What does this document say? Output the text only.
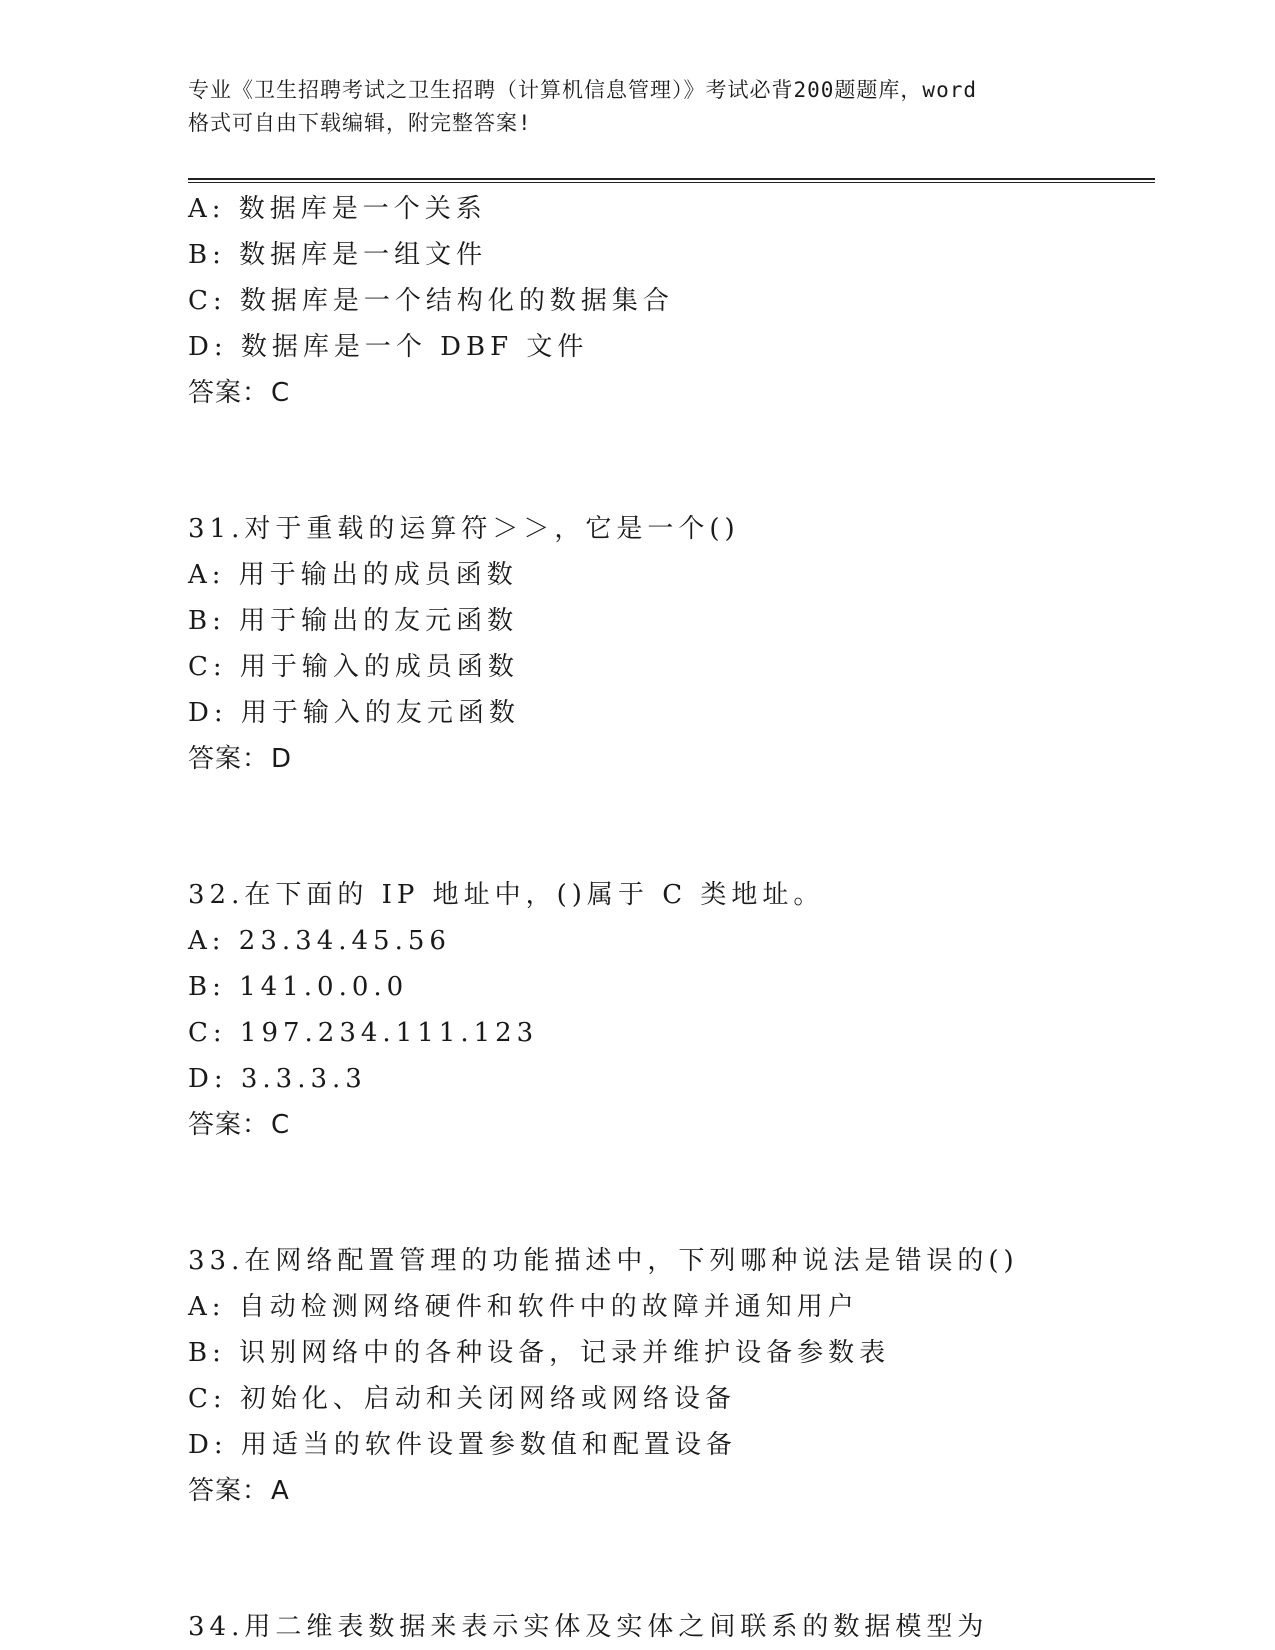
专业《卫生招聘考试之卫生招聘（计算机信息管理）》考试必背200题题库，word
格式可自由下载编辑，附完整答案!
A: 数据库是一个关系
B: 数据库是一组文件
C: 数据库是一个结构化的数据集合
D: 数据库是一个 DBF 文件
答案：C
31.对于重载的运算符＞＞，它是一个()
A: 用于输出的成员函数
B: 用于输出的友元函数
C: 用于输入的成员函数
D: 用于输入的友元函数
答案：D
32.在下面的 IP 地址中，()属于 C 类地址。
A: 23.34.45.56
B: 141.0.0.0
C: 197.234.111.123
D: 3.3.3.3
答案：C
33.在网络配置管理的功能描述中，下列哪种说法是错误的()
A: 自动检测网络硬件和软件中的故障并通知用户
B: 识别网络中的各种设备，记录并维护设备参数表
C: 初始化、启动和关闭网络或网络设备
D: 用适当的软件设置参数值和配置设备
答案：A
34.用二维表数据来表示实体及实体之间联系的数据模型为
